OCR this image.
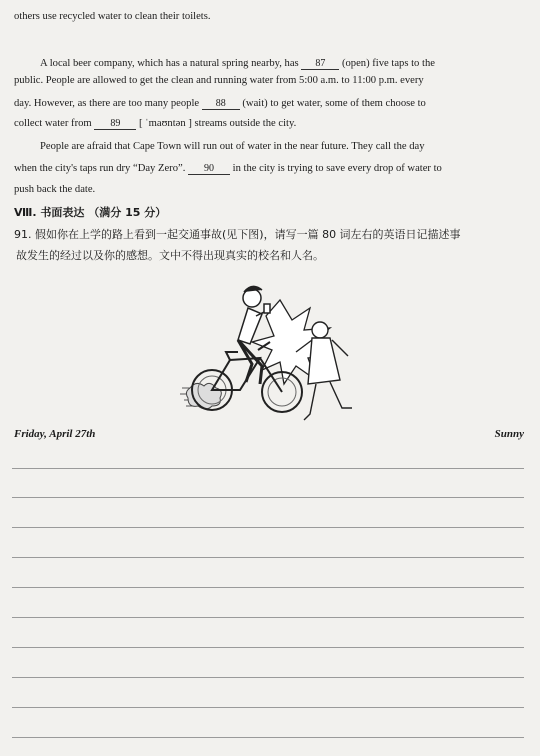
others use recycled water to clean their toilets.
A local beer company, which has a natural spring nearby, has 87 (open) five taps to the
public. People are allowed to get the clean and running water from 5:00 a.m. to 11:00 p.m. every
day. However, as there are too many people 88 (wait) to get water, some of them choose to
collect water from 89 [ ˈmaʊntən ] streams outside the city.
People are afraid that Cape Town will run out of water in the near future. They call the day
when the city's taps run dry “Day Zero”. 90 in the city is trying to save every drop of water to
push back the date.
Ⅷ. 书面表达 （满分 15 分）
91. 假如你在上学的路上看到一起交通事故(见下图)，请写一篇 80 词左右的英语日记描述事
故发生的经过以及你的感想。文中不得出现真实的校名和人名。
Friday, April 27th	Sunny
